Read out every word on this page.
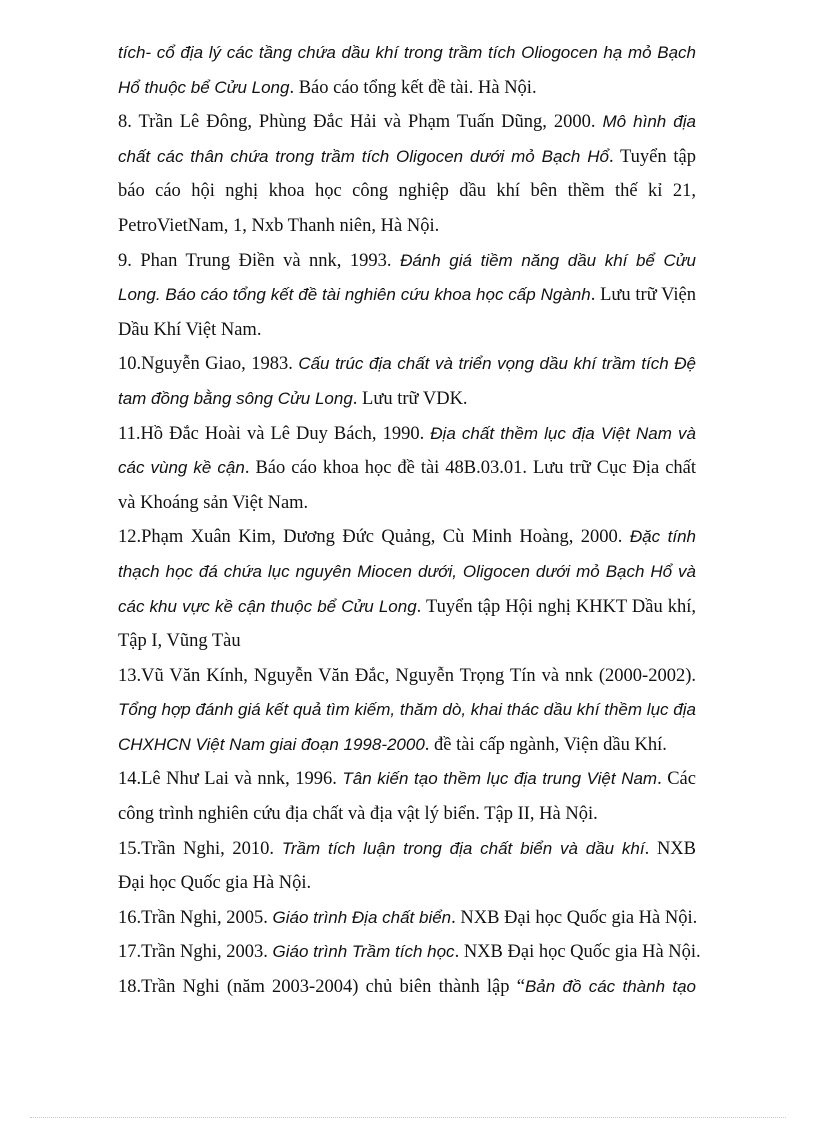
tích- cổ địa lý các tầng chứa dầu khí trong trầm tích Oliogocen hạ mỏ Bạch
Hổ thuộc bể Cửu Long. Báo cáo tổng kết đề tài. Hà Nội.

8. Trần Lê Đông, Phùng Đắc Hải và Phạm Tuấn Dũng, 2000. Mô hình địa
chất các thân chứa trong trầm tích Oligocen dưới mỏ Bạch Hổ. Tuyển tập
báo cáo hội nghị khoa học công nghiệp dầu khí bên thềm thế kỉ 21,
PetroVietNam, 1, Nxb Thanh niên, Hà Nội.

9. Phan Trung Điền và nnk, 1993. Đánh giá tiềm năng dầu khí bể Cửu
Long. Báo cáo tổng kết đề tài nghiên cứu khoa học cấp Ngành. Lưu trữ Viện
Dầu Khí Việt Nam.

10.Nguyễn Giao, 1983. Cấu trúc địa chất và triển vọng dầu khí trầm tích Đệ
tam đồng bằng sông Cửu Long. Lưu trữ VDK.

11.Hồ Đắc Hoài và Lê Duy Bách, 1990. Địa chất thềm lục địa Việt Nam và
các vùng kề cận. Báo cáo khoa học đề tài 48B.03.01. Lưu trữ Cục Địa chất
và Khoáng sản Việt Nam.

12.Phạm Xuân Kim, Dương Đức Quảng, Cù Minh Hoàng, 2000. Đặc tính
thạch học đá chứa lục nguyên Miocen dưới, Oligocen dưới mỏ Bạch Hổ và
các khu vực kề cận thuộc bể Cửu Long. Tuyển tập Hội nghị KHKT Dầu khí,
Tập I, Vũng Tàu

13.Vũ Văn Kính, Nguyễn Văn Đắc, Nguyễn Trọng Tín và nnk (2000-2002).
Tổng hợp đánh giá kết quả tìm kiếm, thăm dò, khai thác dầu khí thềm lục địa
CHXHCN Việt Nam giai đoạn 1998-2000. đề tài cấp ngành, Viện dầu Khí.

14.Lê Như Lai và nnk, 1996. Tân kiến tạo thềm lục địa trung Việt Nam. Các
công trình nghiên cứu địa chất và địa vật lý biển. Tập II, Hà Nội.

15.Trần Nghi, 2010. Trầm tích luận trong địa chất biển và dầu khí. NXB
Đại học Quốc gia Hà Nội.

16.Trần Nghi, 2005. Giáo trình Địa chất biển. NXB Đại học Quốc gia Hà Nội.

17.Trần Nghi, 2003. Giáo trình Trầm tích học. NXB Đại học Quốc gia Hà Nội.

18.Trần Nghi (năm 2003-2004) chủ biên thành lập “Bản đồ các thành tạo
